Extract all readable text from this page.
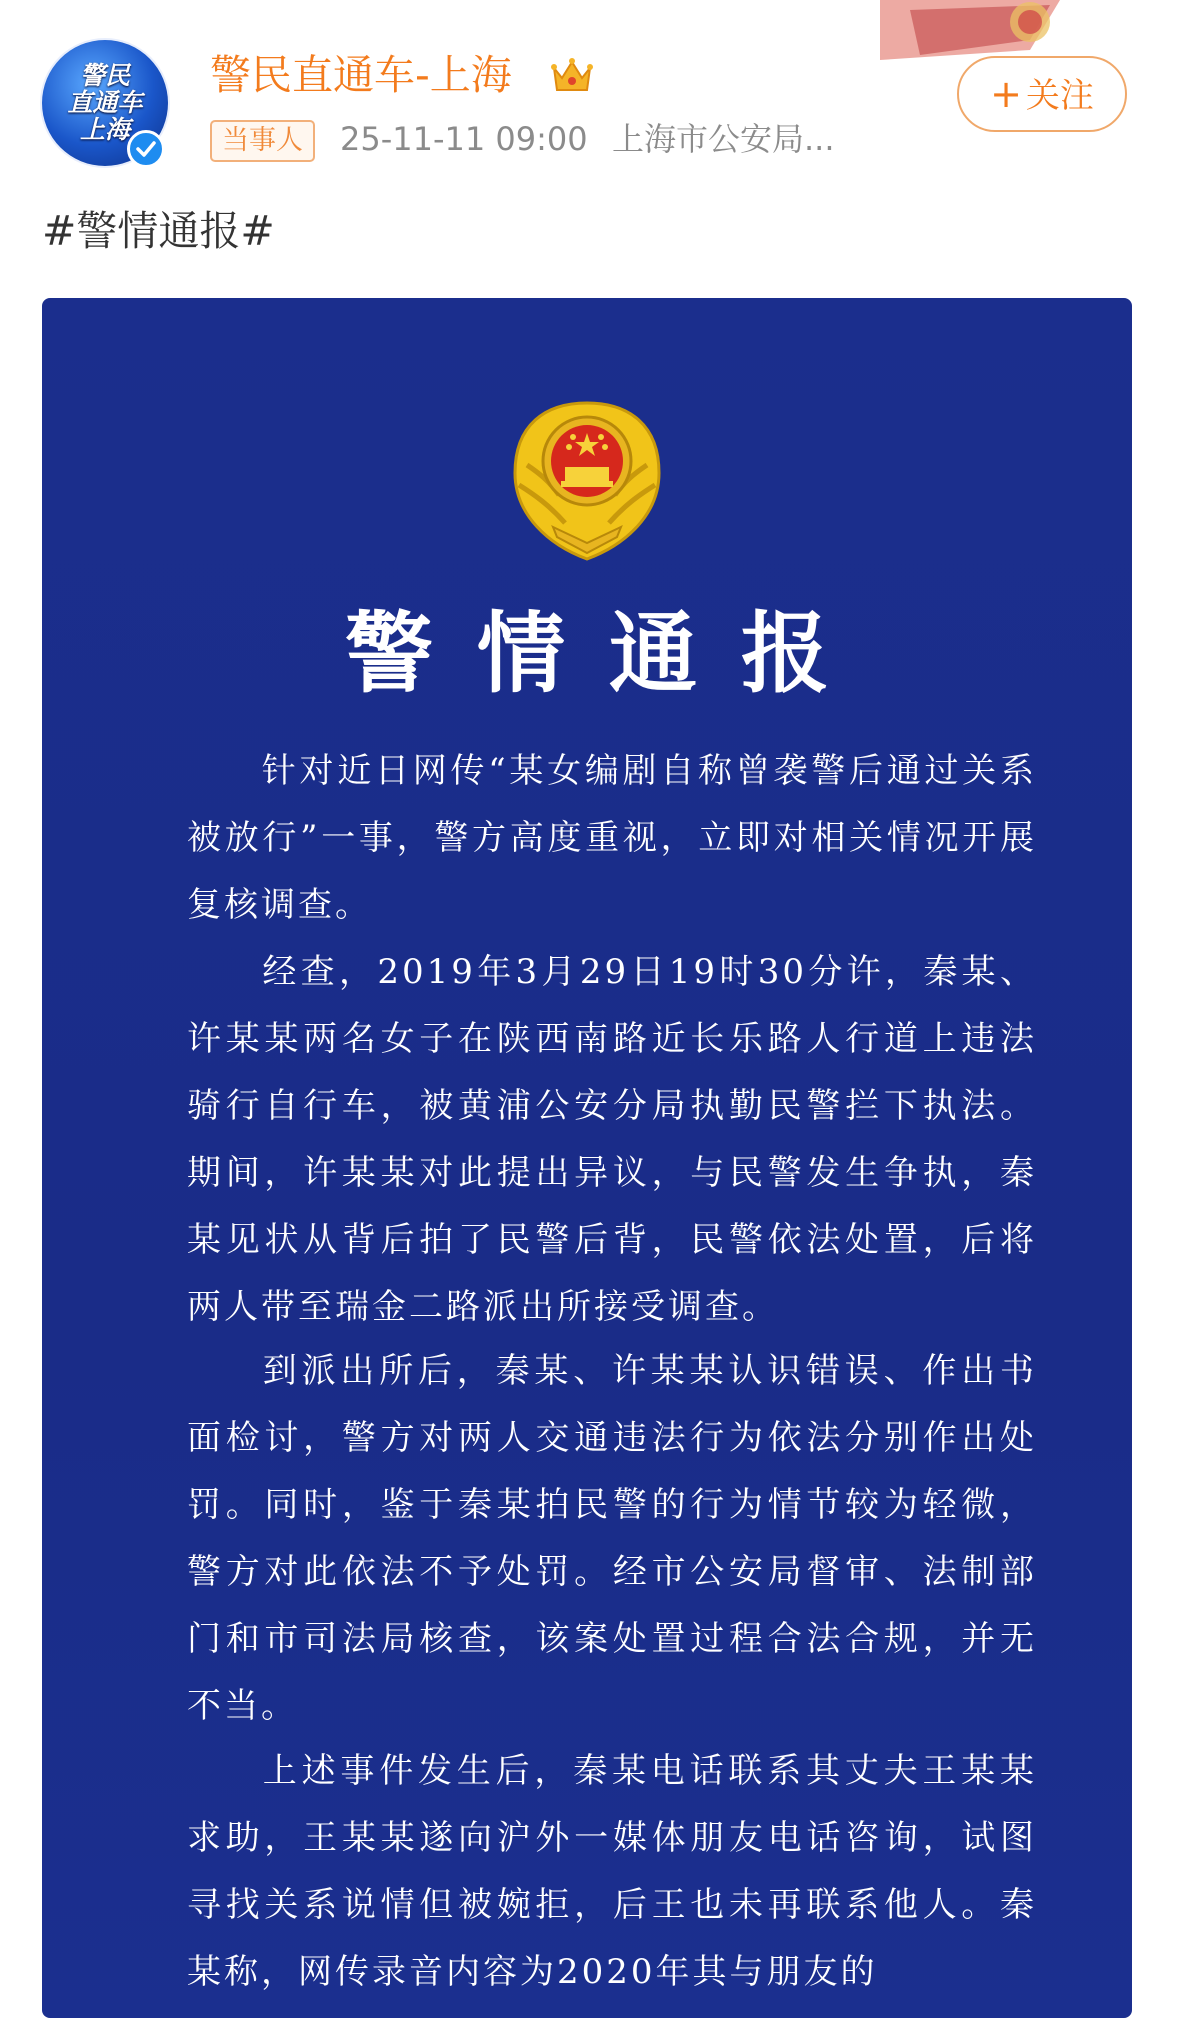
警民
直通车
上海
警民直通车-上海
当事人	25-11-11 09:00 上海市公安局...
+ 关注
#警情通报#
警情通报

针对近日网传“某女编剧自称曾袭警后通过关系被放行”一事，警方高度重视，立即对相关情况开展复核调查。

经查，2019年3月29日19时30分许，秦某、许某某两名女子在陕西南路近长乐路人行道上违法骑行自行车，被黄浦公安分局执勤民警拦下执法。期间，许某某对此提出异议，与民警发生争执，秦某见状从背后拍了民警后背，民警依法处置，后将两人带至瑞金二路派出所接受调查。

到派出所后，秦某、许某某认识错误、作出书面检讨，警方对两人交通违法行为依法分别作出处罚。同时，鉴于秦某拍民警的行为情节较为轻微，警方对此依法不予处罚。经市公安局督审、法制部门和市司法局核查，该案处置过程合法合规，并无不当。

上述事件发生后，秦某电话联系其丈夫王某某求助，王某某遂向沪外一媒体朋友电话咨询，试图寻找关系说情但被婉拒，后王也未再联系他人。秦某称，网传录音内容为2020年其与朋友的
